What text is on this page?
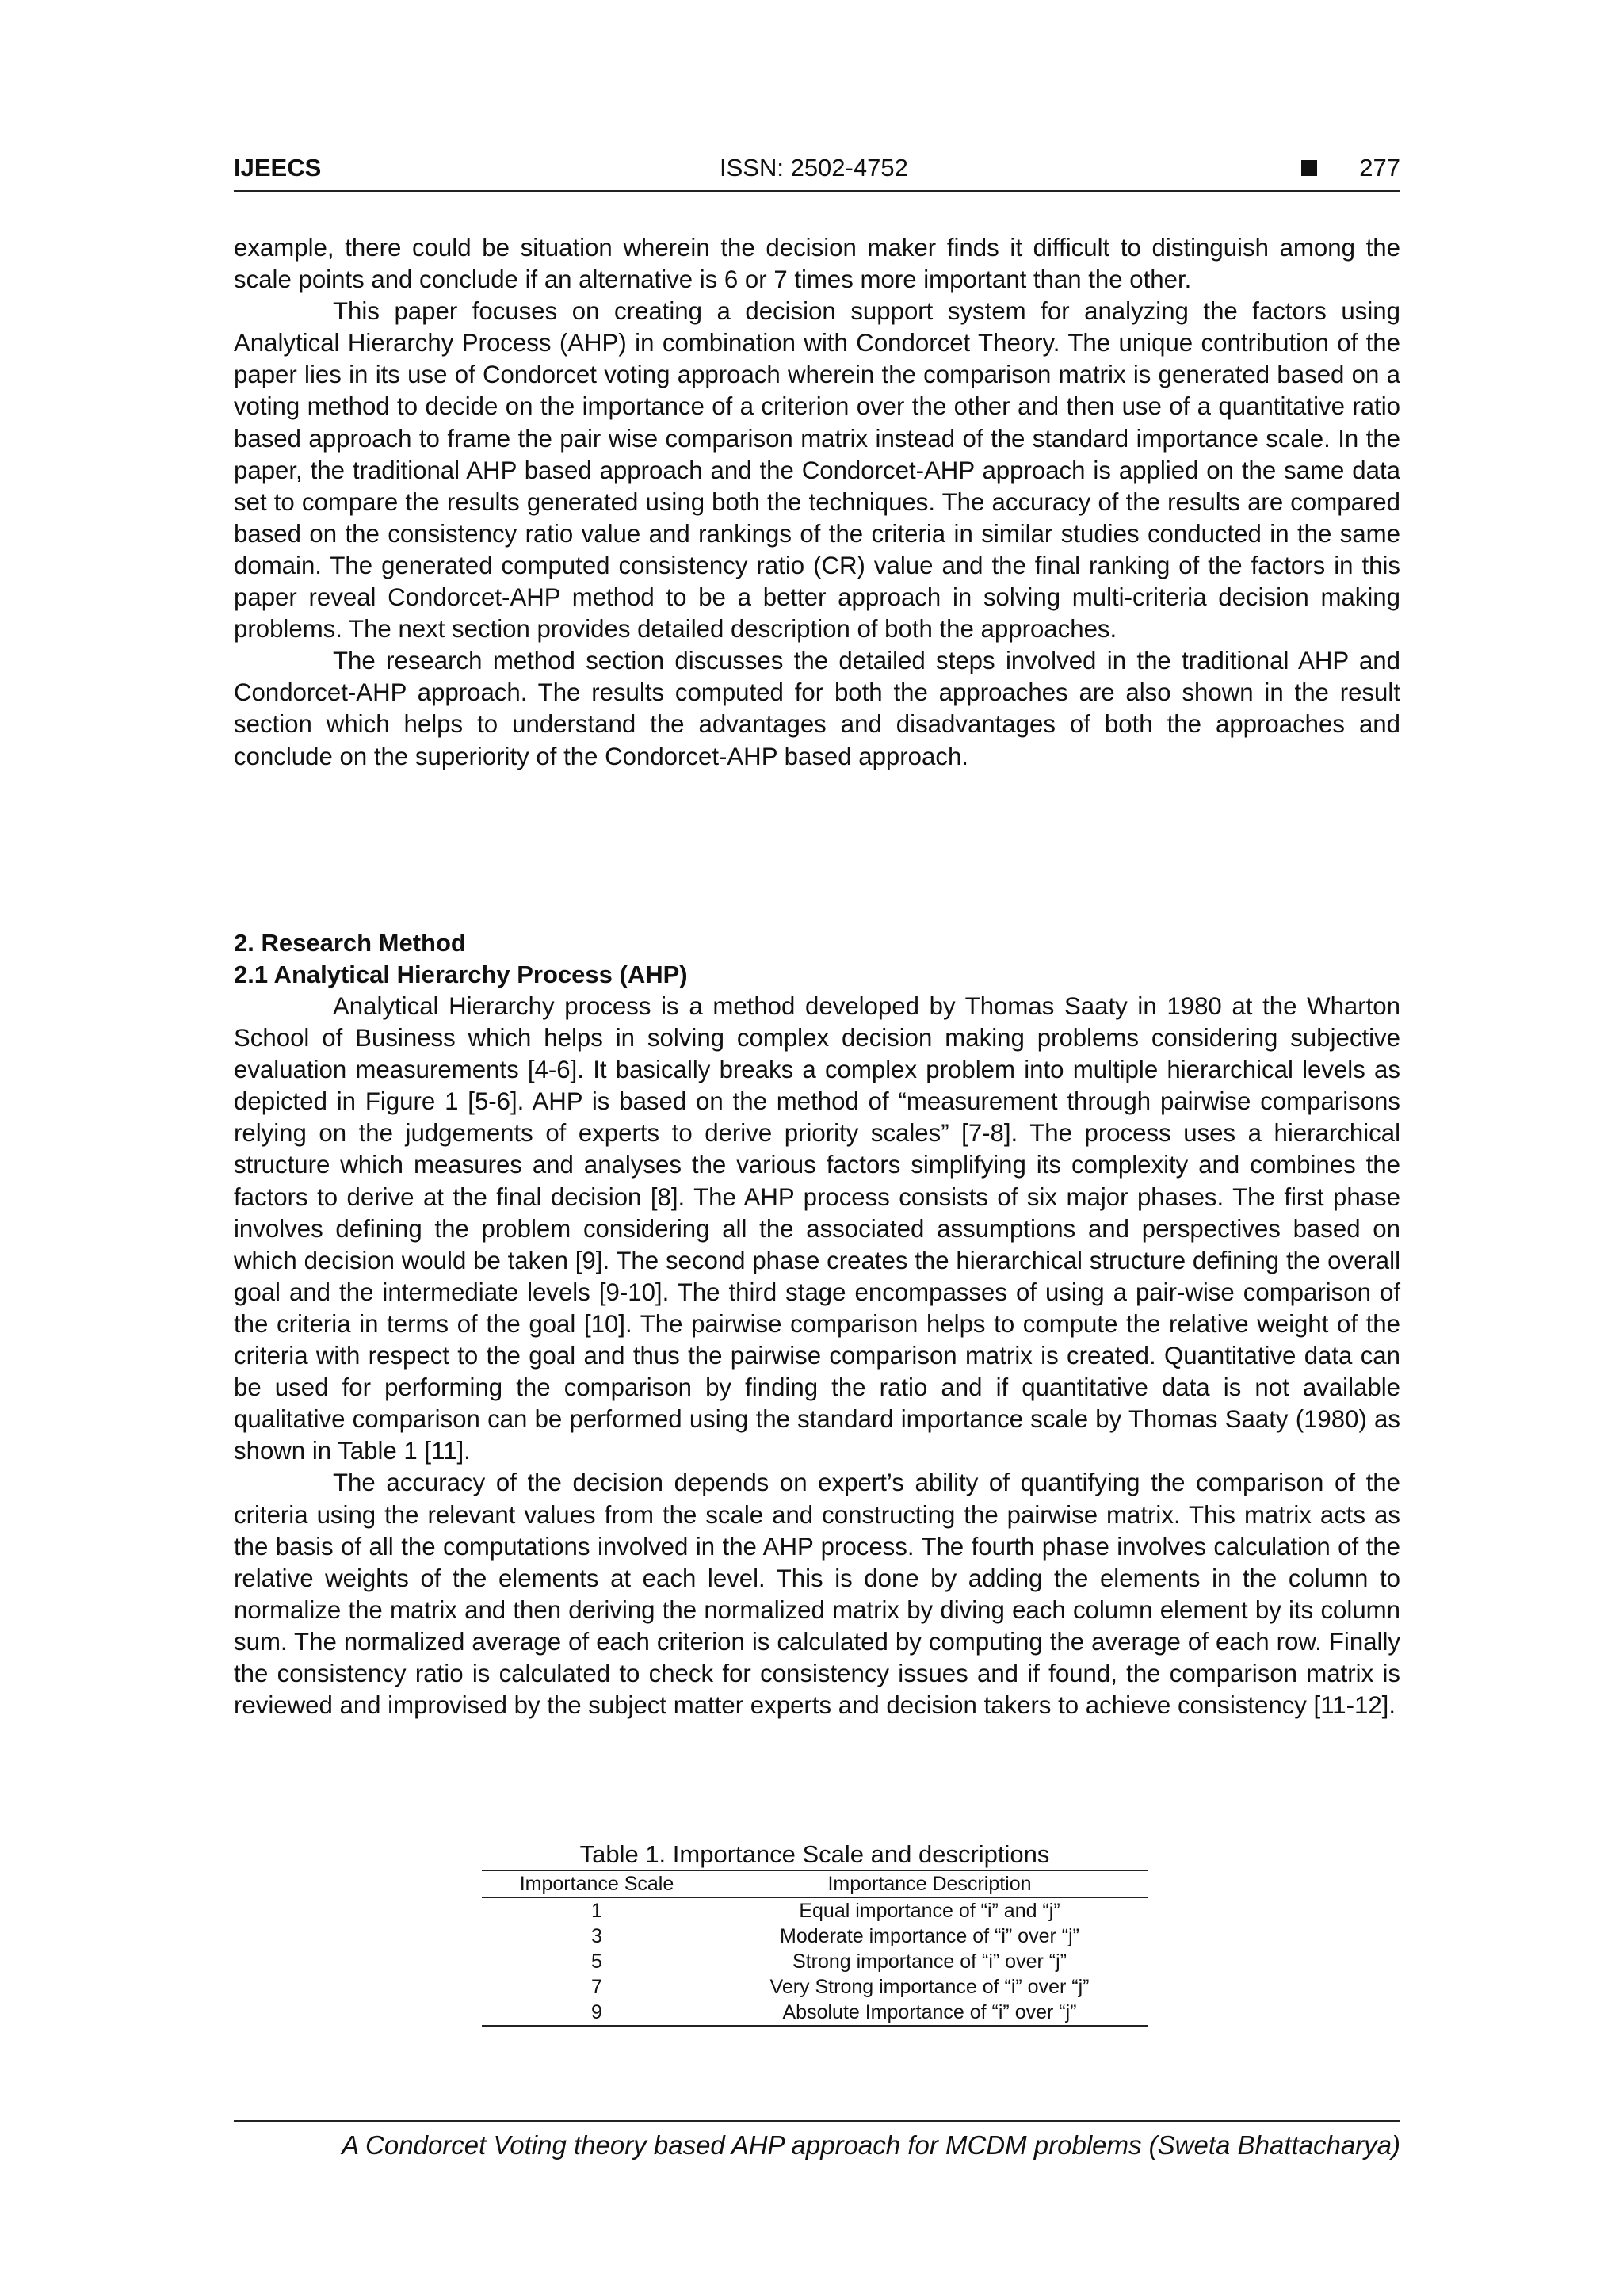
IJEECS	ISSN: 2502-4752	277

example, there could be situation wherein the decision maker finds it difficult to distinguish among the scale points and conclude if an alternative is 6 or 7 times more important than the other.

This paper focuses on creating a decision support system for analyzing the factors using Analytical Hierarchy Process (AHP) in combination with Condorcet Theory. The unique contribution of the paper lies in its use of Condorcet voting approach wherein the comparison matrix is generated based on a voting method to decide on the importance of a criterion over the other and then use of a quantitative ratio based approach to frame the pair wise comparison matrix instead of the standard importance scale. In the paper, the traditional AHP based approach and the Condorcet-AHP approach is applied on the same data set to compare the results generated using both the techniques. The accuracy of the results are compared based on the consistency ratio value and rankings of the criteria in similar studies conducted in the same domain. The generated computed consistency ratio (CR) value and the final ranking of the factors in this paper reveal Condorcet-AHP method to be a better approach in solving multi-criteria decision making problems. The next section provides detailed description of both the approaches.

The research method section discusses the detailed steps involved in the traditional AHP and Condorcet-AHP approach. The results computed for both the approaches are also shown in the result section which helps to understand the advantages and disadvantages of both the approaches and conclude on the superiority of the Condorcet-AHP based approach.

2. Research Method

2.1 Analytical Hierarchy Process (AHP)

Analytical Hierarchy process is a method developed by Thomas Saaty in 1980 at the Wharton School of Business which helps in solving complex decision making problems considering subjective evaluation measurements [4-6]. It basically breaks a complex problem into multiple hierarchical levels as depicted in Figure 1 [5-6]. AHP is based on the method of “measurement through pairwise comparisons relying on the judgements of experts to derive priority scales” [7-8]. The process uses a hierarchical structure which measures and analyses the various factors simplifying its complexity and combines the factors to derive at the final decision [8]. The AHP process consists of six major phases. The first phase involves defining the problem considering all the associated assumptions and perspectives based on which decision would be taken [9]. The second phase creates the hierarchical structure defining the overall goal and the intermediate levels [9-10]. The third stage encompasses of using a pair-wise comparison of the criteria in terms of the goal [10]. The pairwise comparison helps to compute the relative weight of the criteria with respect to the goal and thus the pairwise comparison matrix is created. Quantitative data can be used for performing the comparison by finding the ratio and if quantitative data is not available qualitative comparison can be performed using the standard importance scale by Thomas Saaty (1980) as shown in Table 1 [11].

The accuracy of the decision depends on expert’s ability of quantifying the comparison of the criteria using the relevant values from the scale and constructing the pairwise matrix. This matrix acts as the basis of all the computations involved in the AHP process. The fourth phase involves calculation of the relative weights of the elements at each level. This is done by adding the elements in the column to normalize the matrix and then deriving the normalized matrix by diving each column element by its column sum. The normalized average of each criterion is calculated by computing the average of each row. Finally the consistency ratio is calculated to check for consistency issues and if found, the comparison matrix is reviewed and improvised by the subject matter experts and decision takers to achieve consistency [11-12].

Table 1. Importance Scale and descriptions

Importance Scale	Importance Description
1	Equal importance of “i” and “j”
3	Moderate importance of “i” over “j”
5	Strong importance of “i” over “j”
7	Very Strong importance of “i” over “j”
9	Absolute Importance of “i” over “j”

A Condorcet Voting theory based AHP approach for MCDM problems (Sweta Bhattacharya)
